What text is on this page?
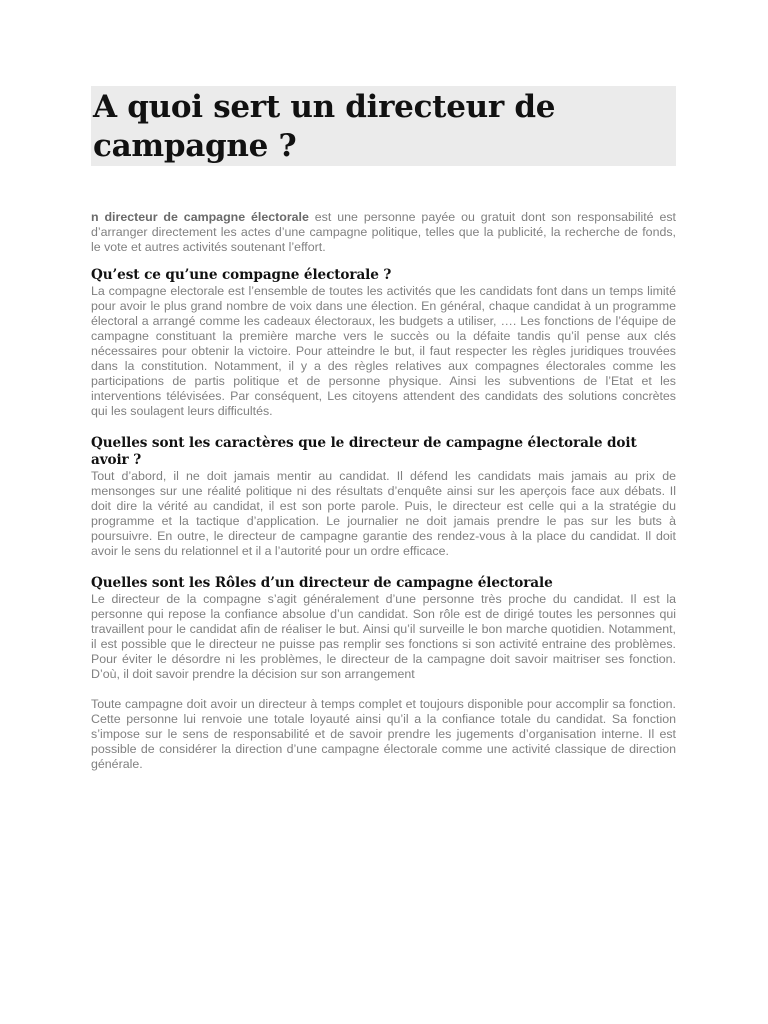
A quoi sert un directeur de campagne ?

n directeur de campagne électorale est une personne payée ou gratuit dont son responsabilité est d’arranger directement les actes d’une campagne politique, telles que la publicité, la recherche de fonds, le vote et autres activités soutenant l’effort.

Qu’est ce qu’une compagne électorale ?

La compagne electorale est l’ensemble de toutes les activités que les candidats font dans un temps limité pour avoir le plus grand nombre de voix dans une élection. En général, chaque candidat à un programme électoral a arrangé comme les cadeaux électoraux, les budgets a utiliser, …. Les fonctions de l’équipe de campagne constituant la première marche vers le succès ou la défaite tandis qu’il pense aux clés nécessaires pour obtenir la victoire. Pour atteindre le but, il faut respecter les règles juridiques trouvées dans la constitution. Notamment, il y a des règles relatives aux compagnes électorales comme les participations de partis politique et de personne physique. Ainsi les subventions de l’Etat et les interventions télévisées. Par conséquent, Les citoyens attendent des candidats des solutions concrètes qui les soulagent leurs difficultés.

Quelles sont les caractères que le directeur de campagne électorale doit avoir ?

Tout d’abord, il ne doit jamais mentir au candidat. Il défend les candidats mais jamais au prix de mensonges sur une réalité politique ni des résultats d’enquête ainsi sur les aperçois face aux débats. Il doit dire la vérité au candidat, il est son porte parole. Puis, le directeur est celle qui a la stratégie du programme et la tactique d’application. Le journalier ne doit jamais prendre le pas sur les buts à poursuivre. En outre, le directeur de campagne garantie des rendez-vous à la place du candidat. Il doit avoir le sens du relationnel et il a l’autorité pour un ordre efficace.

Quelles sont les Rôles d’un directeur de campagne électorale

Le directeur de la compagne s’agit généralement d’une personne très proche du candidat. Il est la personne qui repose la confiance absolue d’un candidat. Son rôle est de dirigé toutes les personnes qui travaillent pour le candidat afin de réaliser le but. Ainsi qu’il surveille le bon marche quotidien. Notamment, il est possible que le directeur ne puisse pas remplir ses fonctions si son activité entraine des problèmes. Pour éviter le désordre ni les problèmes, le directeur de la campagne doit savoir maitriser ses fonction. D’où, il doit savoir prendre la décision sur son arrangement

Toute campagne doit avoir un directeur à temps complet et toujours disponible pour accomplir sa fonction. Cette personne lui renvoie une totale loyauté ainsi qu’il a la confiance totale du candidat. Sa fonction s’impose sur le sens de responsabilité et de savoir prendre les jugements d’organisation interne. Il est possible de considérer la direction d’une campagne électorale comme une activité classique de direction générale.
